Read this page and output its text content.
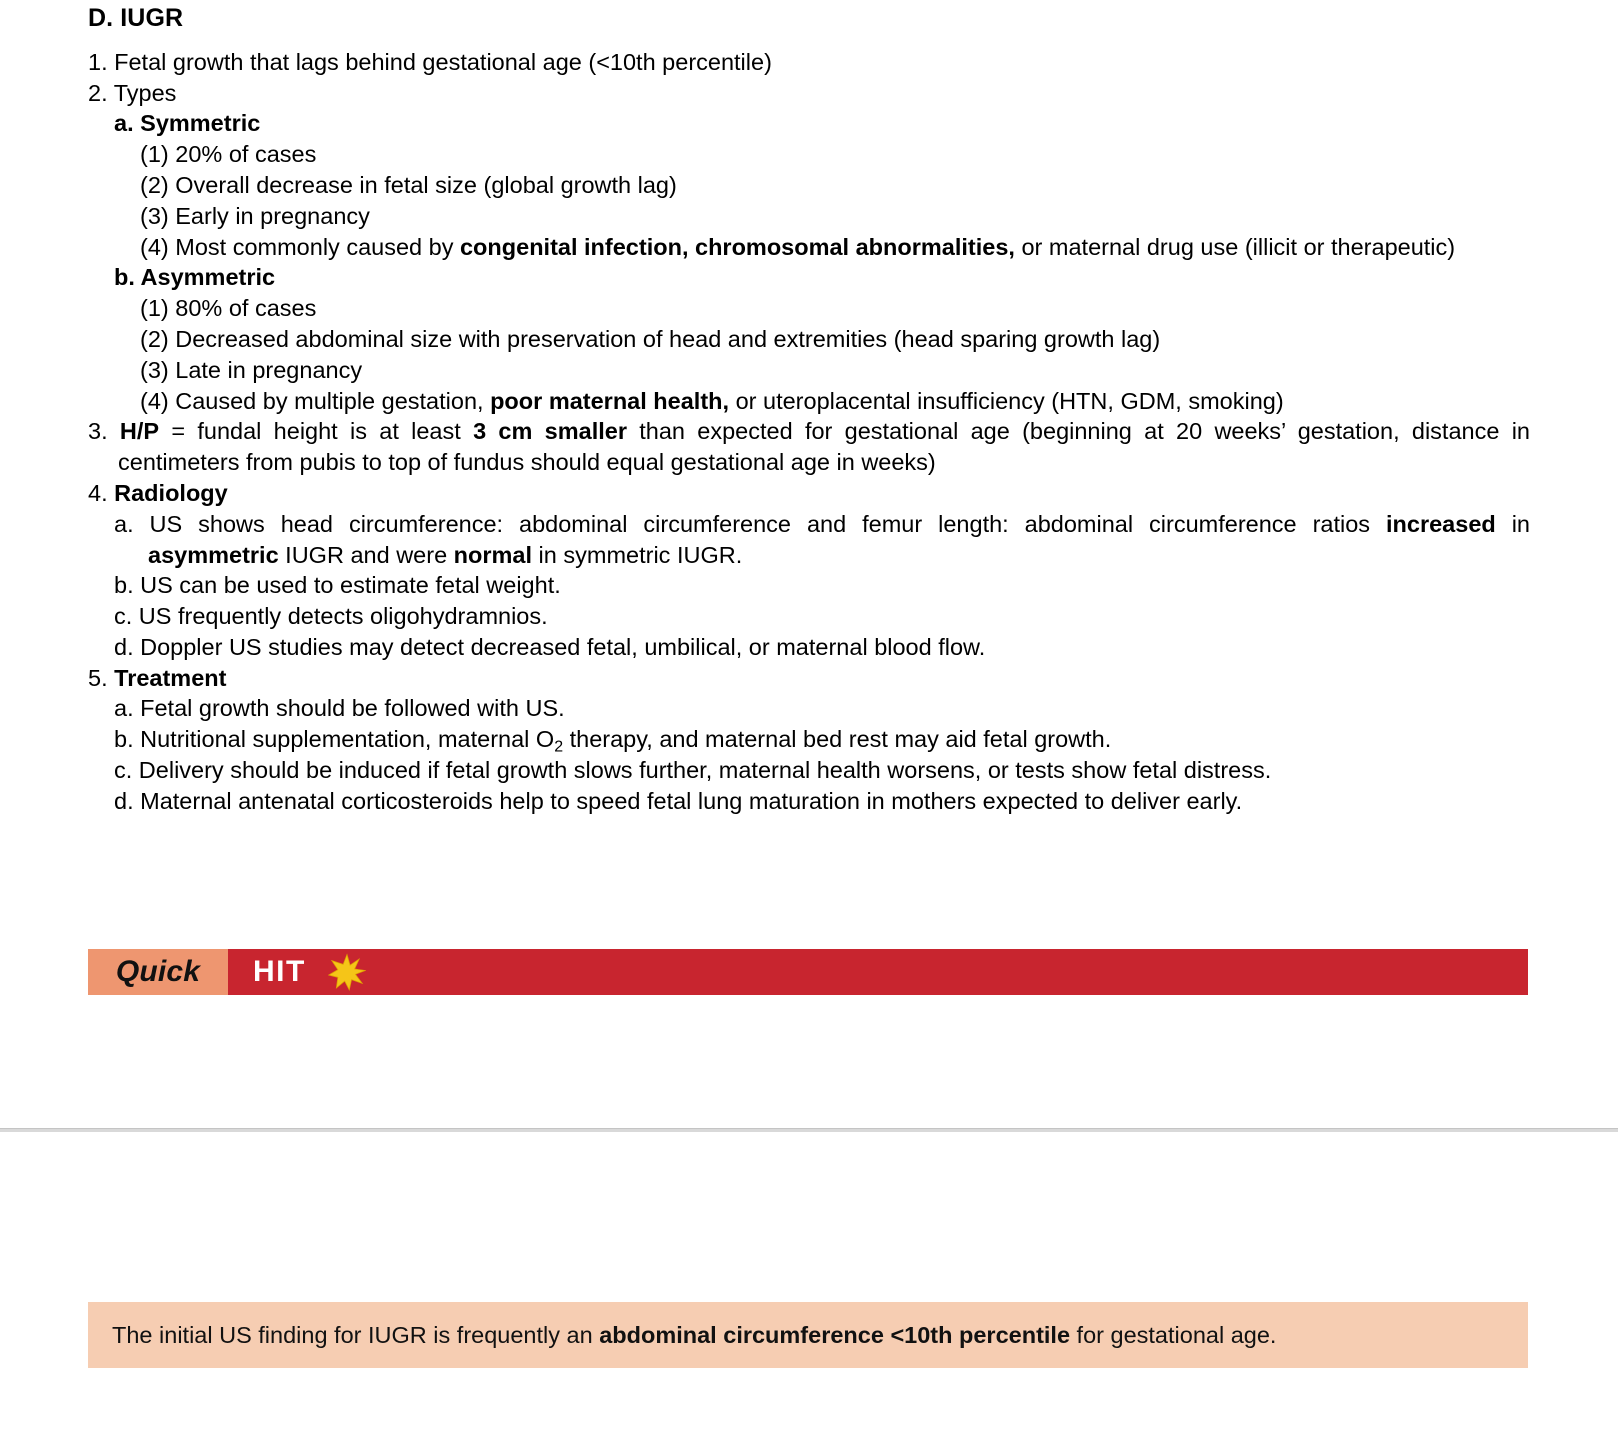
D. IUGR

1. Fetal growth that lags behind gestational age (<10th percentile)

2. Types

a. Symmetric

(1) 20% of cases

(2) Overall decrease in fetal size (global growth lag)

(3) Early in pregnancy

(4) Most commonly caused by congenital infection, chromosomal abnormalities, or maternal drug use (illicit or therapeutic)

b. Asymmetric

(1) 80% of cases

(2) Decreased abdominal size with preservation of head and extremities (head sparing growth lag)

(3) Late in pregnancy

(4) Caused by multiple gestation, poor maternal health, or uteroplacental insufficiency (HTN, GDM, smoking)

3. H/P = fundal height is at least 3 cm smaller than expected for gestational age (beginning at 20 weeks’ gestation, distance in centimeters from pubis to top of fundus should equal gestational age in weeks)

4. Radiology

a. US shows head circumference: abdominal circumference and femur length: abdominal circumference ratios increased in asymmetric IUGR and were normal in symmetric IUGR.

b. US can be used to estimate fetal weight.

c. US frequently detects oligohydramnios.

d. Doppler US studies may detect decreased fetal, umbilical, or maternal blood flow.

5. Treatment

a. Fetal growth should be followed with US.

b. Nutritional supplementation, maternal $O_2$ therapy, and maternal bed rest may aid fetal growth.

c. Delivery should be induced if fetal growth slows further, maternal health worsens, or tests show fetal distress.

d. Maternal antenatal corticosteroids help to speed fetal lung maturation in mothers expected to deliver early.

Quick HIT
The initial US finding for IUGR is frequently an abdominal circumference <10th percentile for gestational age.
